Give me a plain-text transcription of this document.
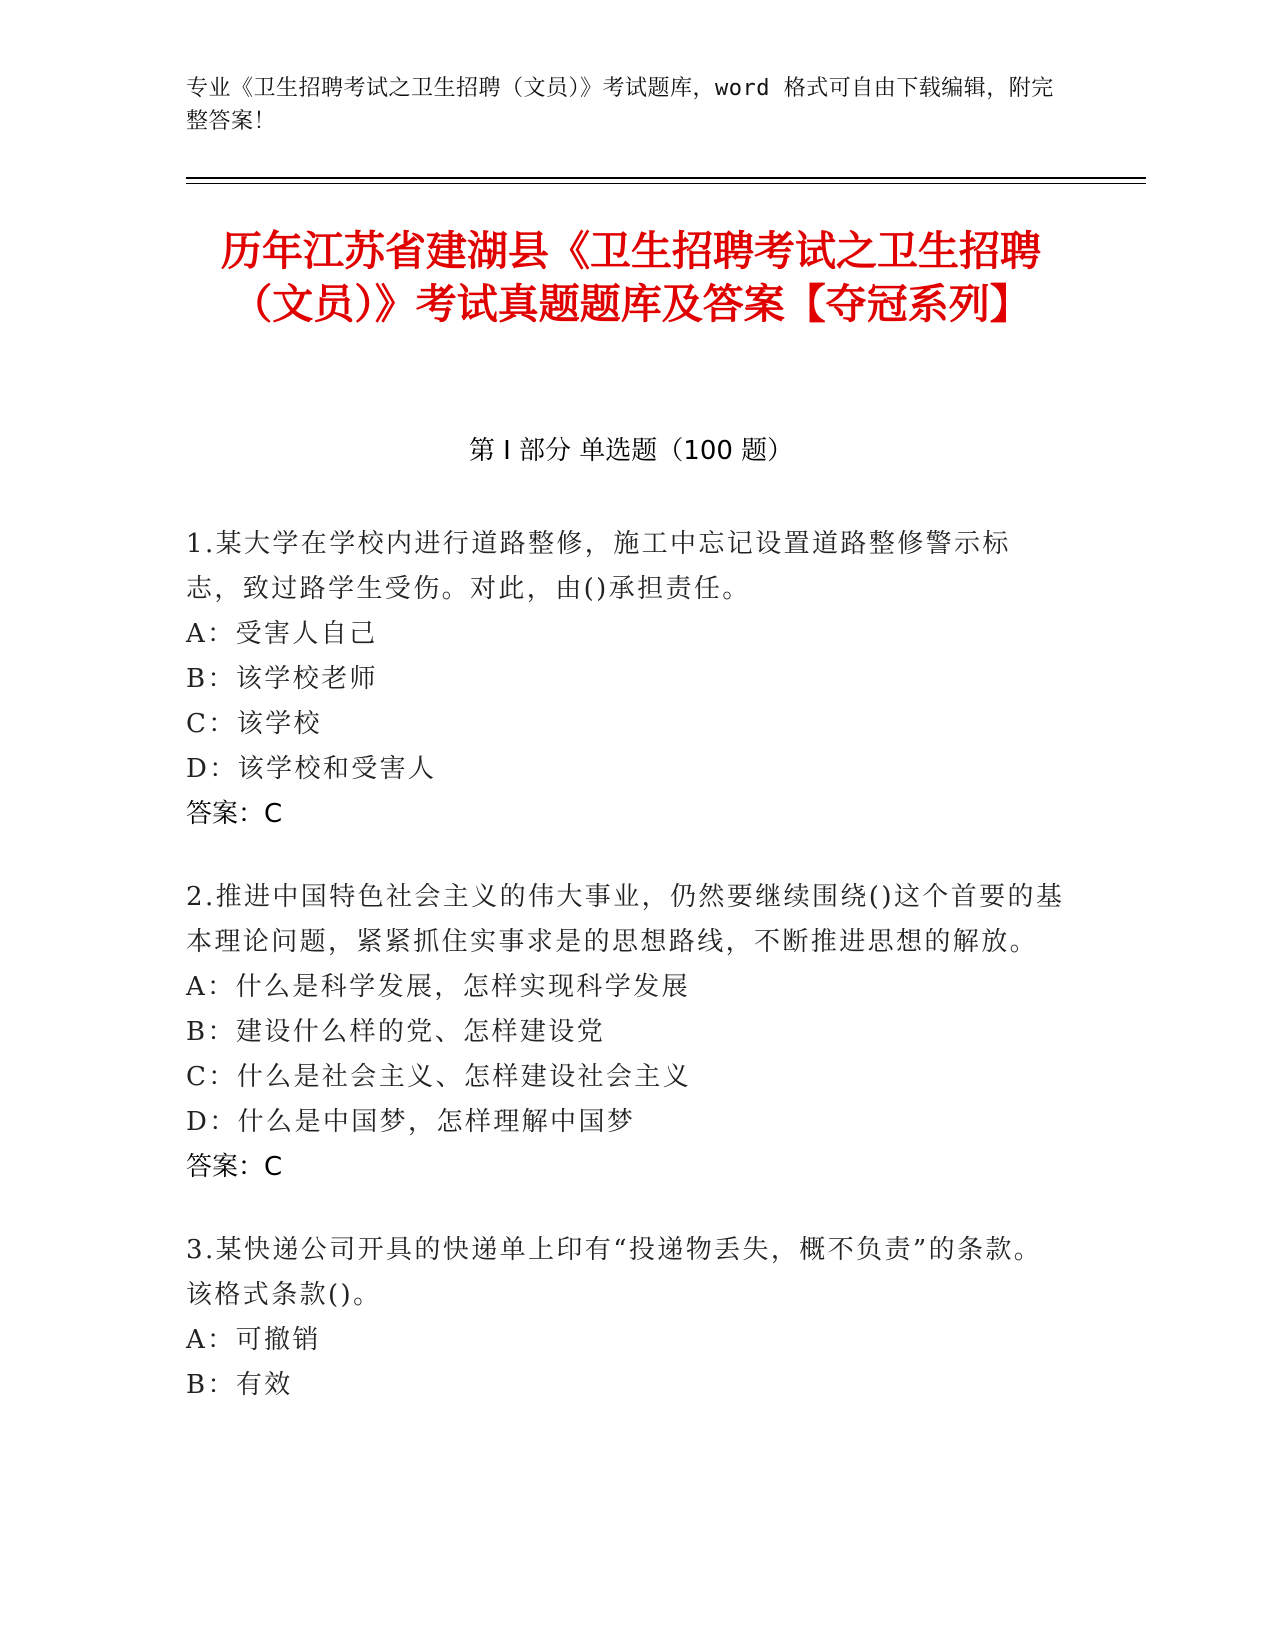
专业《卫生招聘考试之卫生招聘（文员）》考试题库，word 格式可自由下载编辑，附完整答案！
历年江苏省建湖县《卫生招聘考试之卫生招聘（文员）》考试真题题库及答案【夺冠系列】
第 I 部分 单选题（100 题）
1.某大学在学校内进行道路整修，施工中忘记设置道路整修警示标志，致过路学生受伤。对此，由()承担责任。
A：受害人自己
B：该学校老师
C：该学校
D：该学校和受害人
答案：C
2.推进中国特色社会主义的伟大事业，仍然要继续围绕()这个首要的基本理论问题，紧紧抓住实事求是的思想路线，不断推进思想的解放。
A：什么是科学发展，怎样实现科学发展
B：建设什么样的党、怎样建设党
C：什么是社会主义、怎样建设社会主义
D：什么是中国梦，怎样理解中国梦
答案：C
3.某快递公司开具的快递单上印有“投递物丢失，概不负责”的条款。该格式条款()。
A：可撤销
B：有效
